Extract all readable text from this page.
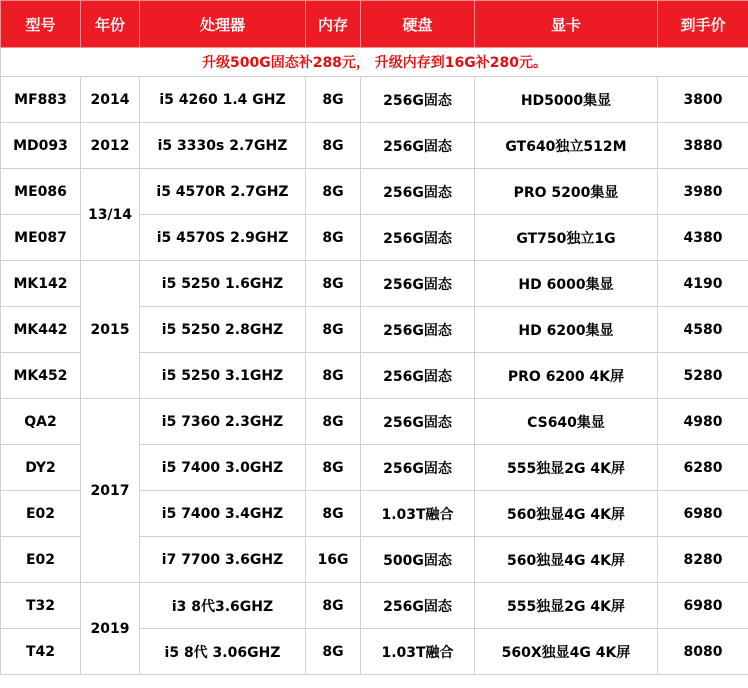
型号	年份	处理器	内存	硬盘	显卡	到手价
升级500G固态补288元， 升级内存到16G补280元。						
MF883	2014	i5 4260 1.4 GHZ	8G	256G固态	HD5000集显	3800
MD093	2012	i5 3330s 2.7GHZ	8G	256G固态	GT640独立512M	3880
ME086	13/14	i5 4570R 2.7GHZ	8G	256G固态	PRO 5200集显	3980
ME087		i5 4570S 2.9GHZ	8G	256G固态	GT750独立1G	4380
MK142	2015	i5 5250 1.6GHZ	8G	256G固态	HD 6000集显	4190
MK442		i5 5250 2.8GHZ	8G	256G固态	HD 6200集显	4580
MK452		i5 5250 3.1GHZ	8G	256G固态	PRO 6200 4K屏	5280
QA2	2017	i5 7360 2.3GHZ	8G	256G固态	CS640集显	4980
DY2		i5 7400 3.0GHZ	8G	256G固态	555独显2G 4K屏	6280
E02		i5 7400 3.4GHZ	8G	1.03T融合	560独显4G 4K屏	6980
E02		i7 7700 3.6GHZ	16G	500G固态	560独显4G 4K屏	8280
T32	2019	i3 8代3.6GHZ	8G	256G固态	555独显2G 4K屏	6980
T42		i5 8代 3.06GHZ	8G	1.03T融合	560X独显4G 4K屏	8080
